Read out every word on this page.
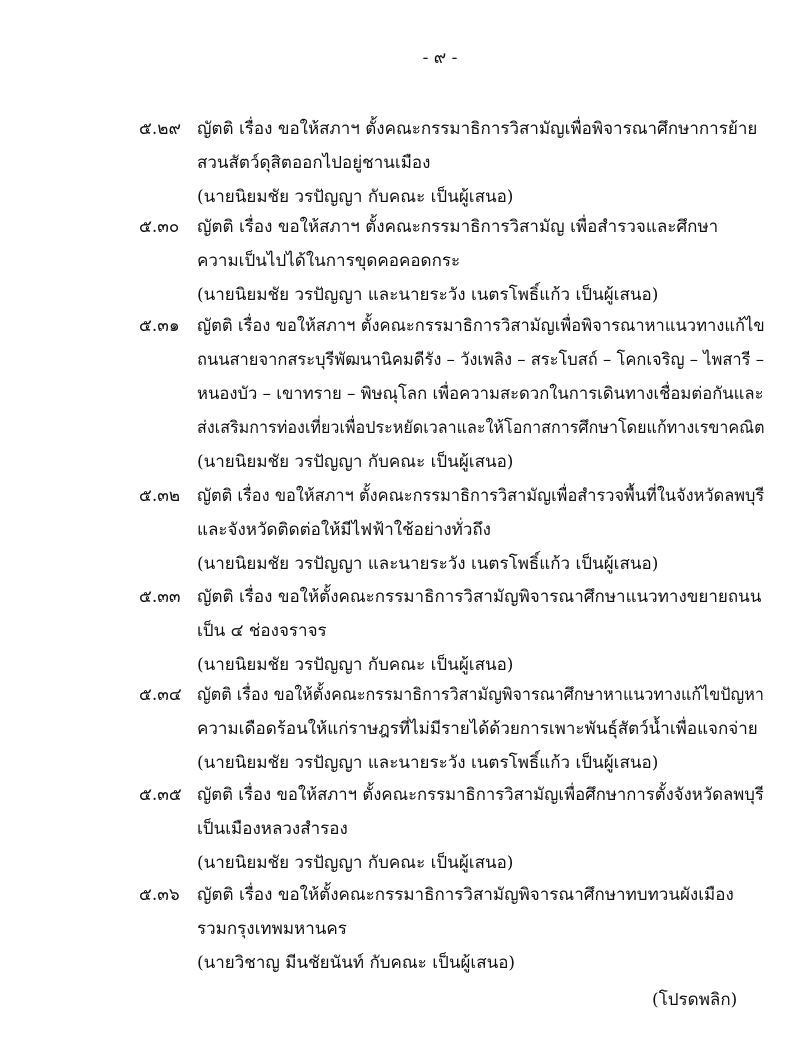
- ๙ -
๕.๒๙ ญัตติ เรื่อง ขอให้สภาฯ ตั้งคณะกรรมาธิการวิสามัญเพื่อพิจารณาศึกษาการย้าย
สวนสัตว์ดุสิตออกไปอยู่ชานเมือง
(นายนิยมชัย วรปัญญา กับคณะ เป็นผู้เสนอ)
๕.๓๐ ญัตติ เรื่อง ขอให้สภาฯ ตั้งคณะกรรมาธิการวิสามัญ เพื่อสำรวจและศึกษา
ความเป็นไปได้ในการขุดคอคอดกระ
(นายนิยมชัย วรปัญญา และนายระวัง เนตรโพธิ์แก้ว เป็นผู้เสนอ)
๕.๓๑ ญัตติ เรื่อง ขอให้สภาฯ ตั้งคณะกรรมาธิการวิสามัญเพื่อพิจารณาหาแนวทางแก้ไข
ถนนสายจากสระบุรีพัฒนานิคมดีรัง – วังเพลิง – สระโบสถ์ – โคกเจริญ – ไพสารี –
หนองบัว – เขาทราย – พิษณุโลก เพื่อความสะดวกในการเดินทางเชื่อมต่อกันและ
ส่งเสริมการท่องเที่ยวเพื่อประหยัดเวลาและให้โอกาสการศึกษาโดยแก้ทางเรขาคณิต
(นายนิยมชัย วรปัญญา กับคณะ เป็นผู้เสนอ)
๕.๓๒ ญัตติ เรื่อง ขอให้สภาฯ ตั้งคณะกรรมาธิการวิสามัญเพื่อสำรวจพื้นที่ในจังหวัดลพบุรี
และจังหวัดติดต่อให้มีไฟฟ้าใช้อย่างทั่วถึง
(นายนิยมชัย วรปัญญา และนายระวัง เนตรโพธิ์แก้ว เป็นผู้เสนอ)
๕.๓๓ ญัตติ เรื่อง ขอให้ตั้งคณะกรรมาธิการวิสามัญพิจารณาศึกษาแนวทางขยายถนน
เป็น ๔ ช่องจราจร
(นายนิยมชัย วรปัญญา กับคณะ เป็นผู้เสนอ)
๕.๓๔ ญัตติ เรื่อง ขอให้ตั้งคณะกรรมาธิการวิสามัญพิจารณาศึกษาหาแนวทางแก้ไขปัญหา
ความเดือดร้อนให้แก่ราษฎรที่ไม่มีรายได้ด้วยการเพาะพันธุ์สัตว์น้ำเพื่อแจกจ่าย
(นายนิยมชัย วรปัญญา และนายระวัง เนตรโพธิ์แก้ว เป็นผู้เสนอ)
๕.๓๕ ญัตติ เรื่อง ขอให้สภาฯ ตั้งคณะกรรมาธิการวิสามัญเพื่อศึกษาการตั้งจังหวัดลพบุรี
เป็นเมืองหลวงสำรอง
(นายนิยมชัย วรปัญญา กับคณะ เป็นผู้เสนอ)
๕.๓๖ ญัตติ เรื่อง ขอให้ตั้งคณะกรรมาธิการวิสามัญพิจารณาศึกษาทบทวนผังเมือง
รวมกรุงเทพมหานคร
(นายวิชาญ มีนชัยนันท์ กับคณะ เป็นผู้เสนอ)
(โปรดพลิก)
